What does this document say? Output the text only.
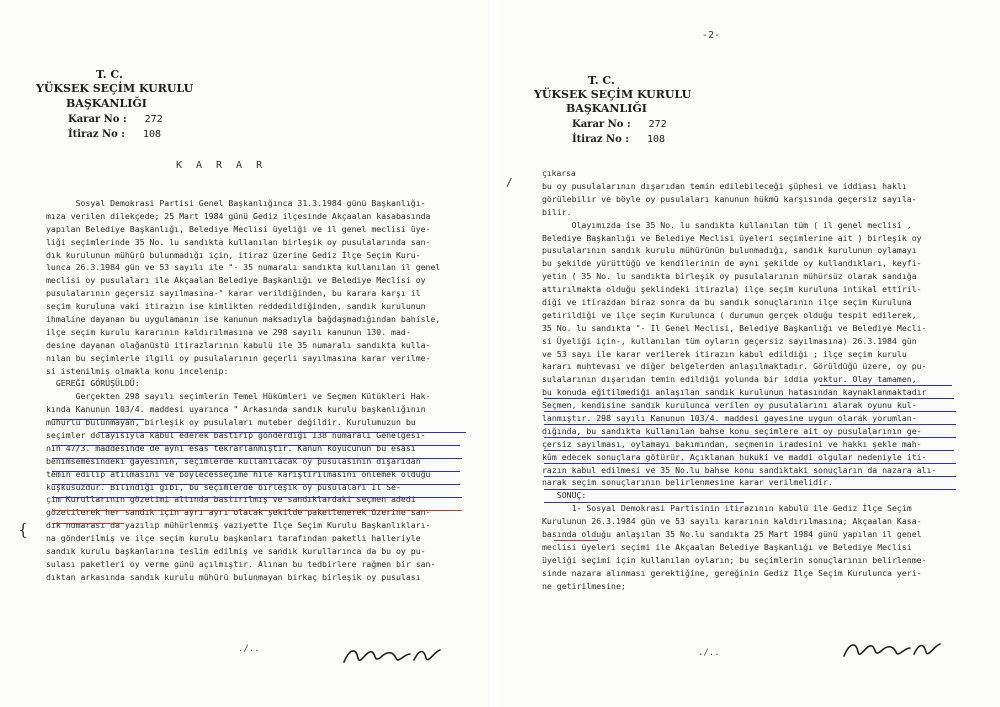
T. C.
YÜKSEK SEÇİM KURULU
BAŞKANLIĞI
Karar No : 272
İtiraz No : 108
KARAR
Sosyal Demokrasi Partisi Genel Başkanlığınca 31.3.1984 günü Başkanlığı-
mıza verilen dilekçede; 25 Mart 1984 günü Gediz ilçesinde Akçaalan kasabasında
yapılan Belediye Başkanlığı, Belediye Meclisi üyeliği ve il genel meclisi üye-
liği seçimlerinde 35 No. lu sandıkta kullanılan birleşik oy pusulalarında san-
dık kurulunun mühürü bulunmadığı için, itiraz üzerine Gediz İlçe Seçim Kuru-
lunca 26.3.1984 gün ve 53 sayılı ile "- 35 numaralı sandıkta kullanılan il genel
meclisi oy pusulaları ile Akçaalan Belediye Başkanlığı ve Belediye Meclisi oy
pusulalarının geçersiz sayılmasına-" karar verildiğinden, bu karara karşı il
seçim kuruluna vaki itirazın ise kimlikten reddedildiğinden, sandık kurulunun
ihmaline dayanan bu uygulamanın ise kanunun maksadıyla bağdaşmadığından bahisle,
ilçe seçim kurulu kararının kaldırılmasına ve 298 sayılı kanunun 130. mad-
desine dayanan olağanüstü itirazlarının kabulü ile 35 numaralı sandıkta kulla-
nılan bu seçimlerle ilgili oy pusulalarının geçerli sayılmasına karar verilme-
si istenilmiş olmakla konu incelenip:
GEREĞİ GÖRÜŞÜLDÜ:
Gerçekten 298 sayılı seçimlerin Temel Hükümleri ve Seçmen Kütükleri Hak-
kında Kanunun 103/4. maddesi uyarınca " Arkasında sandık kurulu başkanlığının
mühürlü bulunmayan, birleşik oy pusulaları muteber değildir. Kurulumuzun bu
seçimler dolayısıyla kabul ederek bastırıp gönderdiği 138 numaralı Genelgesi-
nin 47/3. maddesinde de aynı esas tekrarlanmıştır. Kanun koyucunun bu esası
benimsemesindeki gayesinin, seçimlerde kullanılacak oy pusulasının dışarıdan
temin edilip atılmasını ve böylecesseçime hile karıştırılmasını önlemek olduğu
kuşkusuzdur. Bilindiği gibi, bu seçimlerde birleşik oy pusulaları İl Se-
çim Kurullarının gözetimi altında bastırılmış ve sandıklardaki seçmen adedi
gözetilerek her sandık için ayrı ayrı olacak şekilde paketlenerek üzerine san-
dık numarası da yazılıp mühürlenmiş vaziyette İlçe Seçim Kurulu Başkanlıkları-
na gönderilmiş ve ilçe seçim kurulu başkanları tarafından paketli halleriyle
sandık kurulu başkanlarına teslim edilmiş ve sandık kurullarınca da bu oy pu-
sulası paketleri oy verme günü açılmıştır. Alınan bu tedbirlere rağmen bir san-
dıktan arkasında sandık kurulu mühürü bulunmayan birkaç birleşik oy pusulası
{
./..
-2-
T. C.
YÜKSEK SEÇİM KURULU
BAŞKANLIĞI
Karar No : 272
İtiraz No : 108
çıkarsa
/	bu oy pusulalarının dışarıdan temin edilebileceği şüphesi ve iddiası haklı
görülebilir ve böyle oy pusulaları kanunun hükmü karşısında geçersiz sayıla-
bilir.
Olayımızda ise 35 No. lu sandıkta kullanılan tüm ( il genel meclisi ,
Belediye Başkanlığı ve Belediye Meclisi üyeleri seçimlerine ait ) birleşik oy
pusulalarının sandık kurulu mühürünün bulunmadığı, sandık kurulunun oylamayı
bu şekilde yürüttüğü ve kendilerinin de aynı şekilde oy kullandıkları, keyfi-
yetin ( 35 No. lu sandıkta birleşik oy pusulalarının mühürsüz olarak sandığa
attırılmakta olduğu şeklindeki itirazla) ilçe seçim kuruluna intikal ettiril-
diği ve itirazdan biraz sonra da bu sandık sonuçlarının ilçe seçim Kuruluna
getirildiği ve ilçe seçim Kurulunca ( durumun gerçek olduğu tespit edilerek,
35 No. lu sandıkta "- İl Genel Meclisi, Belediye Başkanlığı ve Belediye Mecli-
si Üyeliği için-, kullanılan tüm oyların geçersiz sayılmasına) 26.3.1984 gün
ve 53 sayı ile karar verilerek itirazın kabul edildiği ; ilçe seçim kurulu
kararı muhtevası ve diğer belgelerden anlaşılmaktadır. Görüldüğü üzere, oy pu-
sulalarının dışarıdan temin edildiği yolunda bir iddia yoktur. Olay tamamen,
bu konuda eğitilmediği anlaşılan sandık kurulunun hatasından kaynaklanmaktadır
Seçmen, kendisine sandık kurulunca verilen oy pusulalarını alarak oyunu kul-
lanmıştır. 298 sayılı Kanunun 103/4. maddesi gayesine uygun olarak yorumlan-
dığında, bu sandıkta kullanılan bahse konu seçimlere ait oy pusulalarının ge-
çersiz sayılması, oylamayı bakımından, seçmenin iradesini ve hakkı şekle mah-
kûm edecek sonuçlara götürür. Açıklanan hukuki ve maddi olgular nedeniyle iti-
razın kabul edilmesi ve 35 No.lu bahse konu sandıktaki sonuçların da nazara alı-
narak seçim sonuçlarının belirlenmesine karar verilmelidir.
SONUÇ:
1- Sosyal Demokrasi Partisinin itirazının kabulü ile Gediz İlçe Seçim
Kurulunun 26.3.1984 gün ve 53 sayılı kararının kaldırılmasına; Akçaalan Kasa-
basında olduğu anlaşılan 35 No.lu sandıkta 25 Mart 1984 günü yapılan il genel
meclisi üyeleri seçimi ile Akçaalan Belediye Başkanlığı ve Belediye Meclisi
üyeliği seçimi için kullanılan oyların; bu seçimlerin sonuçlarının belirlenme-
sinde nazara alınması gerektiğine, gereğinin Gediz İlçe Seçim Kurulunca yeri-
ne getirilmesine;
./..
